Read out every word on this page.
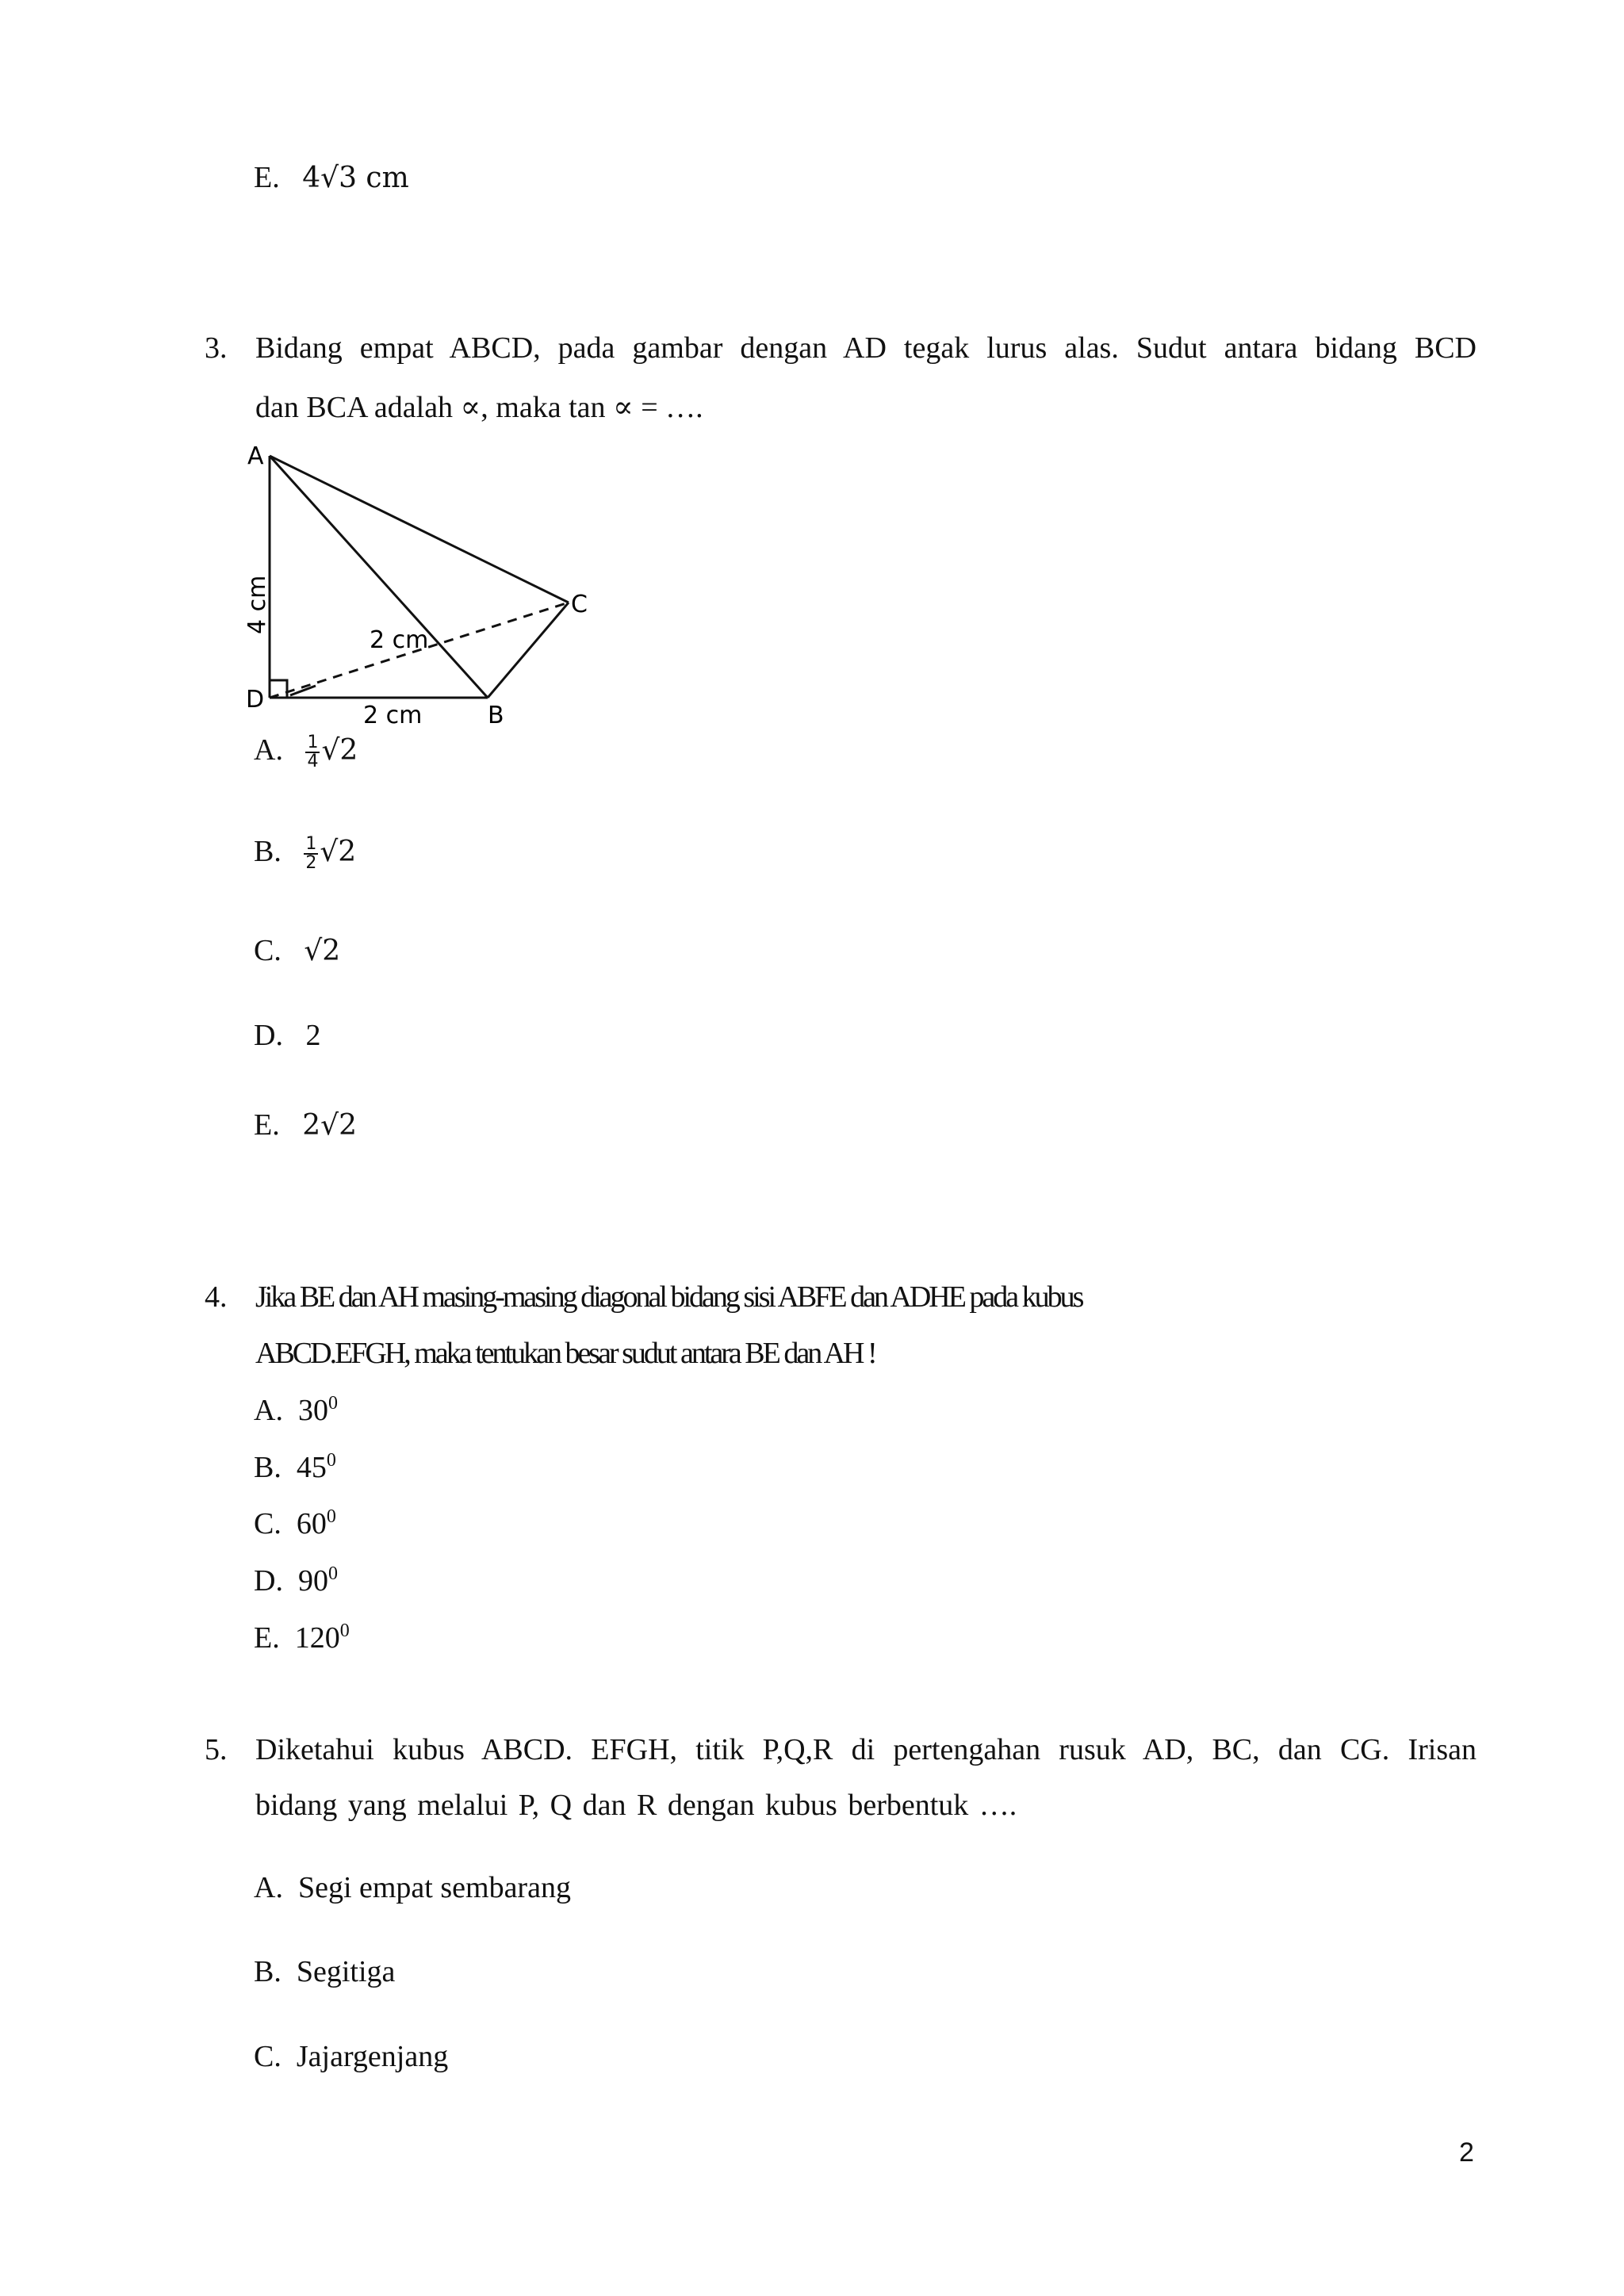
E. 4√3 cm
3. Bidang empat ABCD, pada gambar dengan AD tegak lurus alas. Sudut antara bidang BCD
dan BCA adalah ∝, maka tan ∝ = ….
A
D
B
C
4 cm
2 cm
2 cm
A. $\frac{1}{4} √2$
B. $\frac{1}{2} √2$
C. √2
D. 2
E. 2√2
4. Jika BE dan AH masing-masing diagonal bidang sisi ABFE dan ADHE pada kubus
ABCD.EFGH, maka tentukan besar sudut antara BE dan AH !
A. $30^0$
B. $45^0$
C. $60^0$
D. $90^0$
E. $120^0$
5. Diketahui kubus ABCD. EFGH, titik P,Q,R di pertengahan rusuk AD, BC, dan CG. Irisan
bidang yang melalui P, Q dan R dengan kubus berbentuk ….
A. Segi empat sembarang
B. Segitiga
C. Jajargenjang
2
